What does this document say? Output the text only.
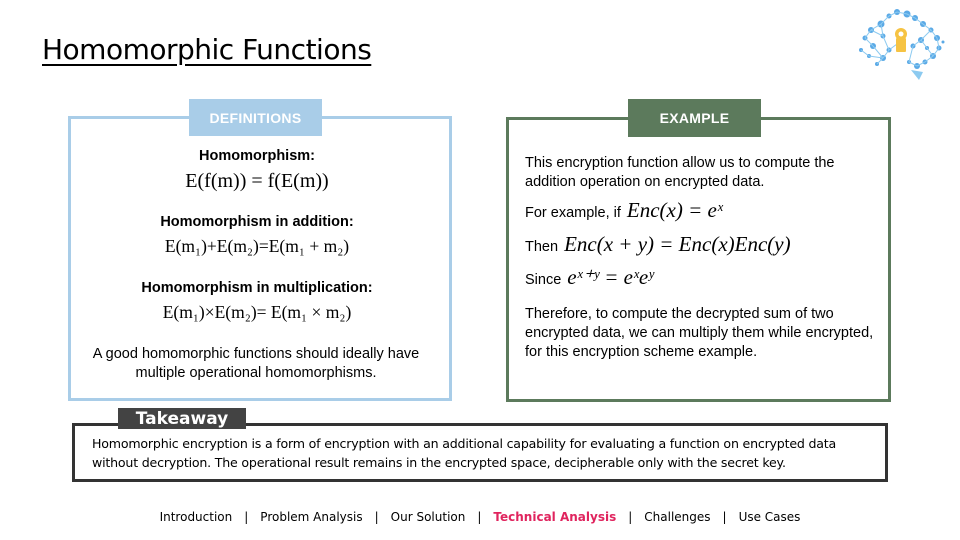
Homomorphic Functions
DEFINITIONS
Homomorphism:
E(f(m)) = f(E(m))
Homomorphism in addition:
E(m₁)+E(m₂)=E(m₁ + m₂)
Homomorphism in multiplication:
E(m₁)×E(m₂)= E(m₁ × m₂)
A good homomorphic functions should ideally have multiple operational homomorphisms.
EXAMPLE
This encryption function allow us to compute the addition operation on encrypted data.
For example, if Enc(x) = eˣ
Then Enc(x + y) = Enc(x)Enc(y)
Since eˣ⁺ʸ = eˣeʸ
Therefore, to compute the decrypted sum of two encrypted data, we can multiply them while encrypted, for this encryption scheme example.
Takeaway
Homomorphic encryption is a form of encryption with an additional capability for evaluating a function on encrypted data without decryption. The operational result remains in the encrypted space, decipherable only with the secret key.
Introduction | Problem Analysis | Our Solution | Technical Analysis | Challenges | Use Cases
